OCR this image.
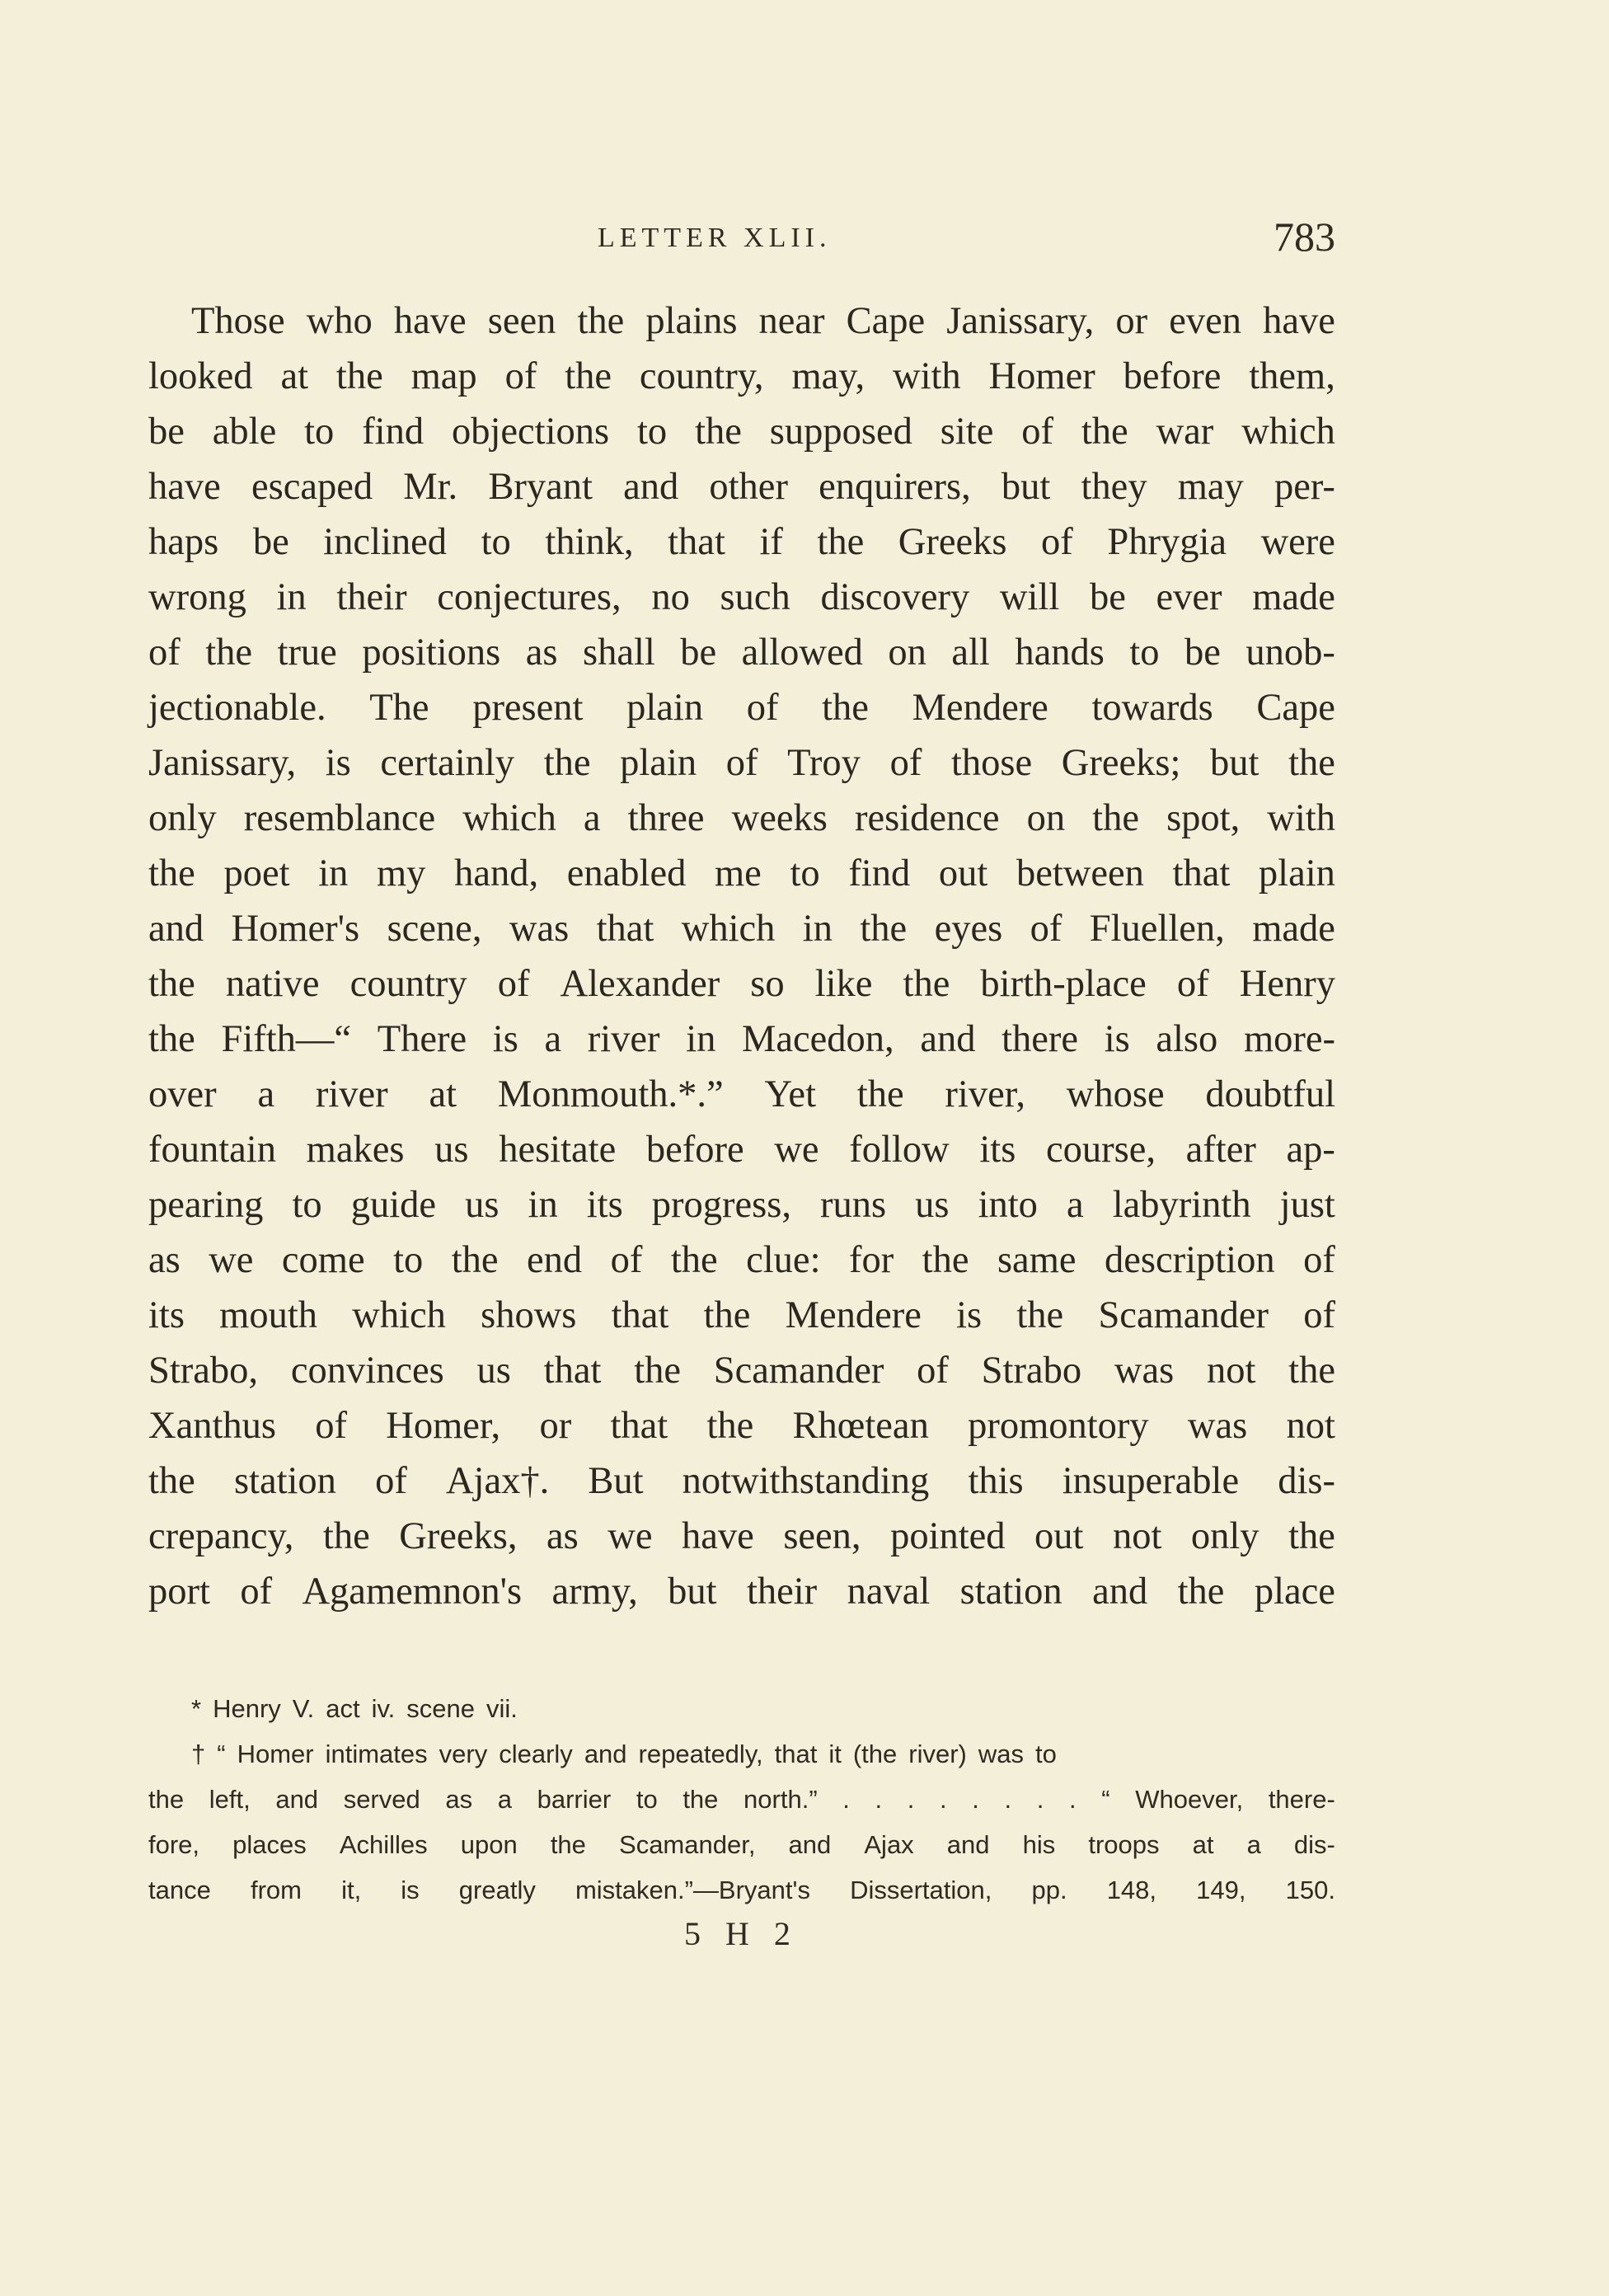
LETTER XLII.	783
Those who have seen the plains near Cape Janissary, or even have
looked at the map of the country, may, with Homer before them,
be able to find objections to the supposed site of the war which
have escaped Mr. Bryant and other enquirers, but they may per-
haps be inclined to think, that if the Greeks of Phrygia were
wrong in their conjectures, no such discovery will be ever made
of the true positions as shall be allowed on all hands to be unob-
jectionable. The present plain of the Mendere towards Cape
Janissary, is certainly the plain of Troy of those Greeks; but the
only resemblance which a three weeks residence on the spot, with
the poet in my hand, enabled me to find out between that plain
and Homer's scene, was that which in the eyes of Fluellen, made
the native country of Alexander so like the birth-place of Henry
the Fifth—“ There is a river in Macedon, and there is also more-
over a river at Monmouth.*.” Yet the river, whose doubtful
fountain makes us hesitate before we follow its course, after ap-
pearing to guide us in its progress, runs us into a labyrinth just
as we come to the end of the clue: for the same description of
its mouth which shows that the Mendere is the Scamander of
Strabo, convinces us that the Scamander of Strabo was not the
Xanthus of Homer, or that the Rhœtean promontory was not
the station of Ajax†. But notwithstanding this insuperable dis-
crepancy, the Greeks, as we have seen, pointed out not only the
port of Agamemnon's army, but their naval station and the place
* Henry V. act iv. scene vii.
† “ Homer intimates very clearly and repeatedly, that it (the river) was to
the left, and served as a barrier to the north.” . . . . . . . . “ Whoever, there-
fore, places Achilles upon the Scamander, and Ajax and his troops at a dis-
tance from it, is greatly mistaken.”—Bryant's Dissertation, pp. 148, 149, 150.
5 H 2
